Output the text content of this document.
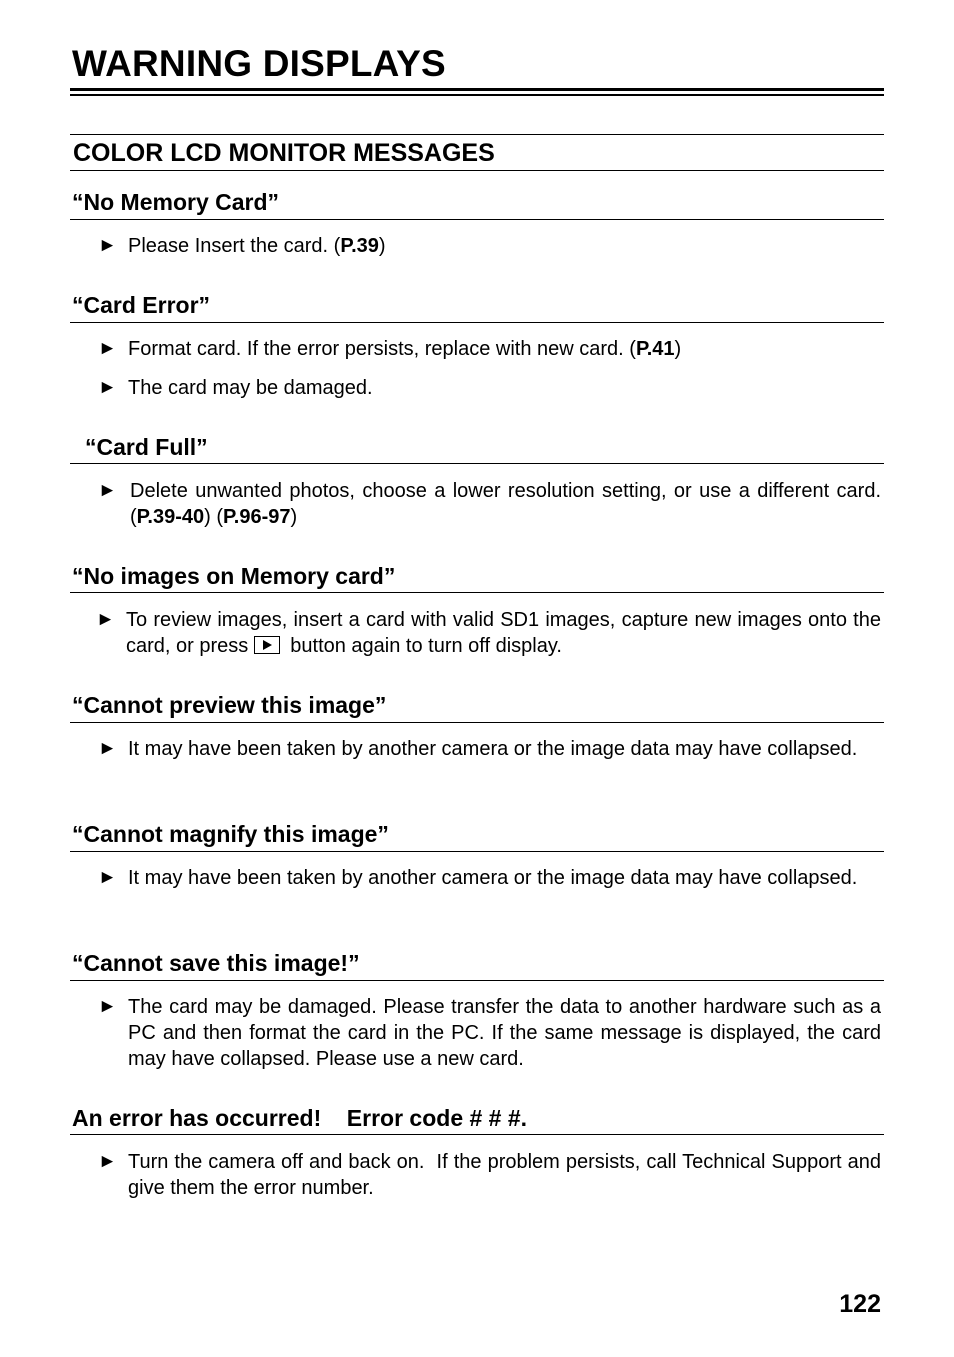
WARNING DISPLAYS
COLOR LCD MONITOR MESSAGES
“No Memory Card”
► Please Insert the card. (P.39)
“Card Error”
► Format card. If the error persists, replace with new card. (P.41)
► The card may be damaged.
“Card Full”
► Delete unwanted photos, choose a lower resolution setting, or use a different card. (P.39-40) (P.96-97)
“No images on Memory card”
► To review images, insert a card with valid SD1 images, capture new images onto the card, or press button again to turn off display.
“Cannot preview this image”
► It may have been taken by another camera or the image data may have collapsed.
“Cannot magnify this image”
► It may have been taken by another camera or the image data may have collapsed.
“Cannot save this image!”
► The card may be damaged. Please transfer the data to another hardware such as a PC and then format the card in the PC. If the same message is displayed, the card may have collapsed. Please use a new card.
An error has occurred!    Error code # # #.
► Turn the camera off and back on.  If the problem persists, call Technical Support and give them the error number.
122
